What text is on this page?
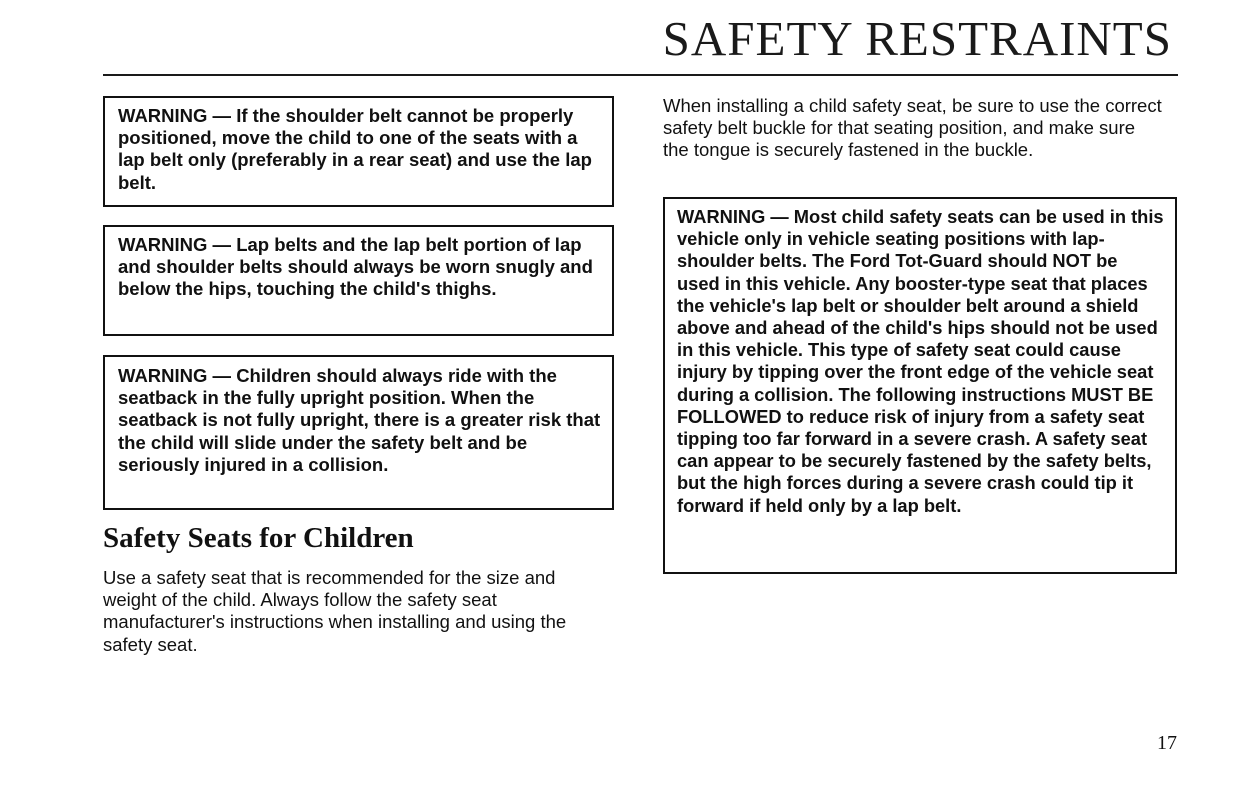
SAFETY RESTRAINTS
WARNING — If the shoulder belt cannot be properly positioned, move the child to one of the seats with a lap belt only (preferably in a rear seat) and use the lap belt.
WARNING — Lap belts and the lap belt portion of lap and shoulder belts should always be worn snugly and below the hips, touching the child's thighs.
WARNING — Children should always ride with the seatback in the fully upright position. When the seatback is not fully upright, there is a greater risk that the child will slide under the safety belt and be seriously injured in a collision.
Safety Seats for Children
Use a safety seat that is recommended for the size and weight of the child. Always follow the safety seat manufacturer's instructions when installing and using the safety seat.
When installing a child safety seat, be sure to use the correct safety belt buckle for that seating position, and make sure the tongue is securely fastened in the buckle.
WARNING — Most child safety seats can be used in this vehicle only in vehicle seating positions with lap-shoulder belts. The Ford Tot-Guard should NOT be used in this vehicle. Any booster-type seat that places the vehicle's lap belt or shoulder belt around a shield above and ahead of the child's hips should not be used in this vehicle. This type of safety seat could cause injury by tipping over the front edge of the vehicle seat during a collision. The following instructions MUST BE FOLLOWED to reduce risk of injury from a safety seat tipping too far forward in a severe crash. A safety seat can appear to be securely fastened by the safety belts, but the high forces during a severe crash could tip it forward if held only by a lap belt.
17
